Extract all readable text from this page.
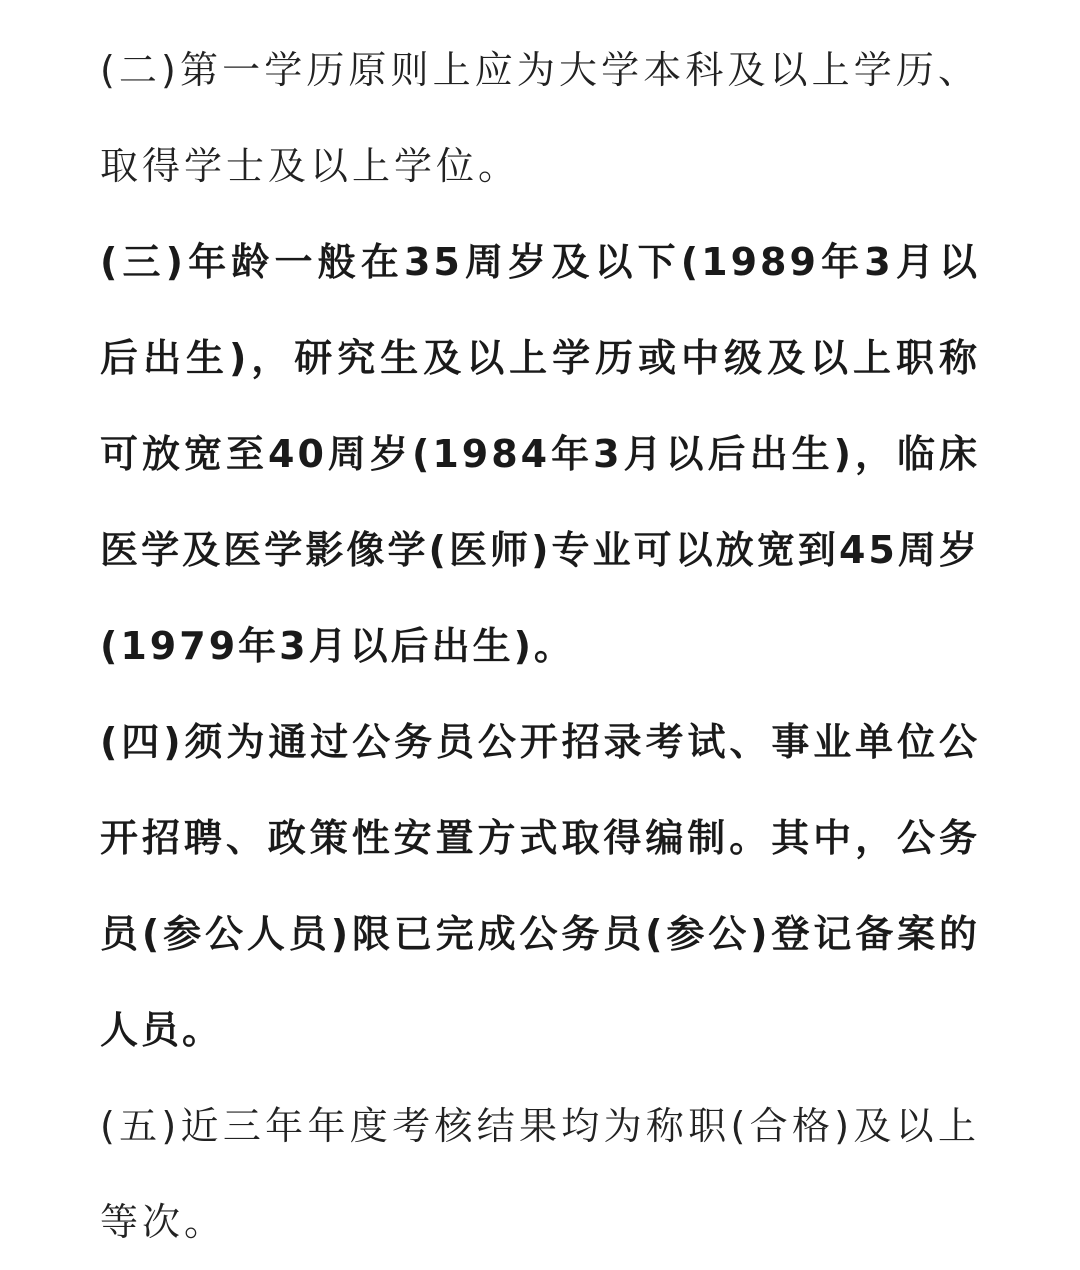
(二)第一学历原则上应为大学本科及以上学历、取得学士及以上学位。

(三)年龄一般在35周岁及以下(1989年3月以后出生)，研究生及以上学历或中级及以上职称可放宽至40周岁(1984年3月以后出生)，临床医学及医学影像学(医师)专业可以放宽到45周岁(1979年3月以后出生)。

(四)须为通过公务员公开招录考试、事业单位公开招聘、政策性安置方式取得编制。其中，公务员(参公人员)限已完成公务员(参公)登记备案的人员。

(五)近三年年度考核结果均为称职(合格)及以上等次。
